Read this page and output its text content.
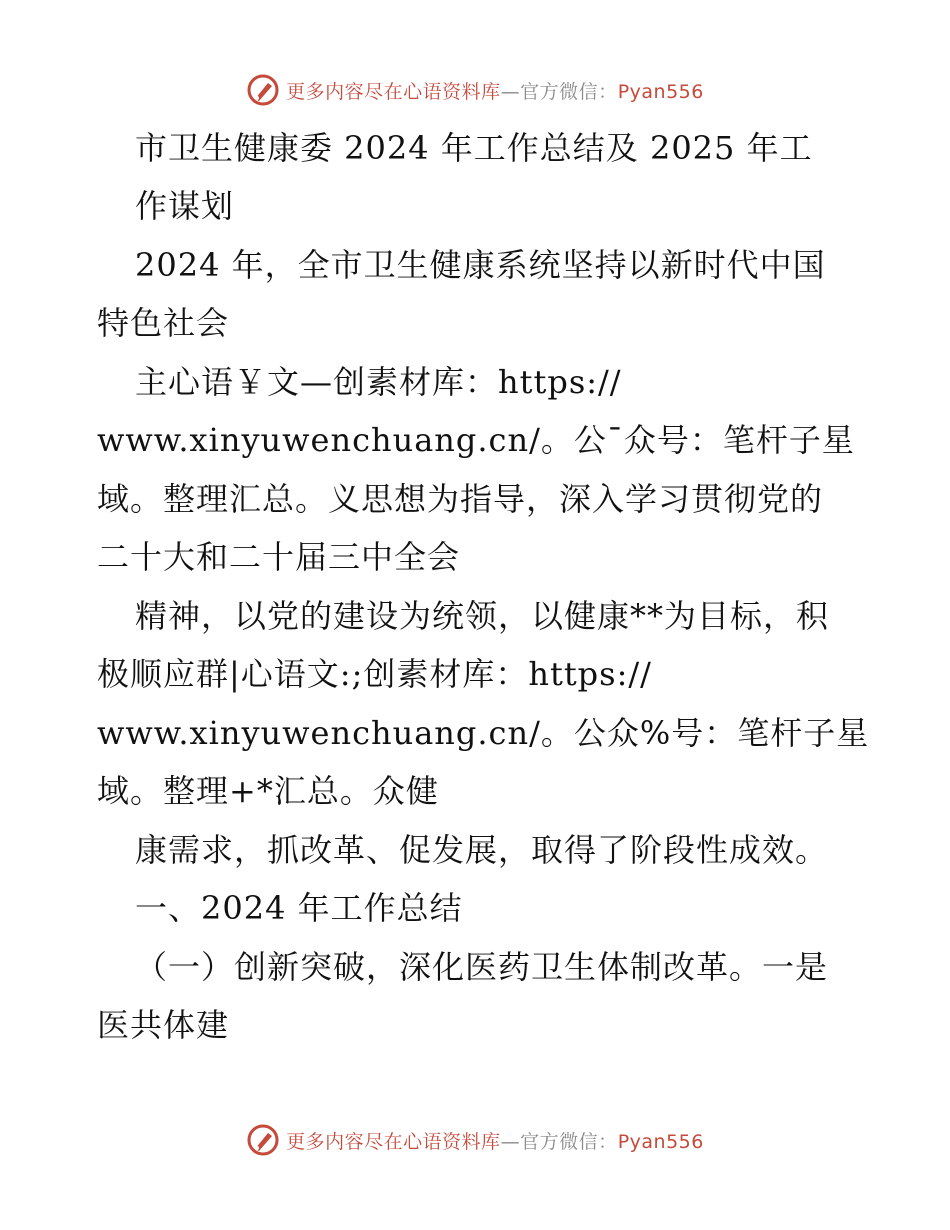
更多内容尽在心语资料库—官方微信：Pyan556
市卫生健康委 2024 年工作总结及 2025 年工
作谋划
2024 年，全市卫生健康系统坚持以新时代中国
特色社会
主心语￥文—创素材库：https://
www.xinyuwenchuang.cn/。公¯众号：笔杆子星
域。整理汇总。义思想为指导，深入学习贯彻党的
二十大和二十届三中全会
精神，以党的建设为统领，以健康**为目标，积
极顺应群|心语文:;创素材库：https://
www.xinyuwenchuang.cn/。公众%号：笔杆子星
域。整理+*汇总。众健
康需求，抓改革、促发展，取得了阶段性成效。
一、2024 年工作总结
（一）创新突破，深化医药卫生体制改革。一是
医共体建
更多内容尽在心语资料库—官方微信：Pyan556
